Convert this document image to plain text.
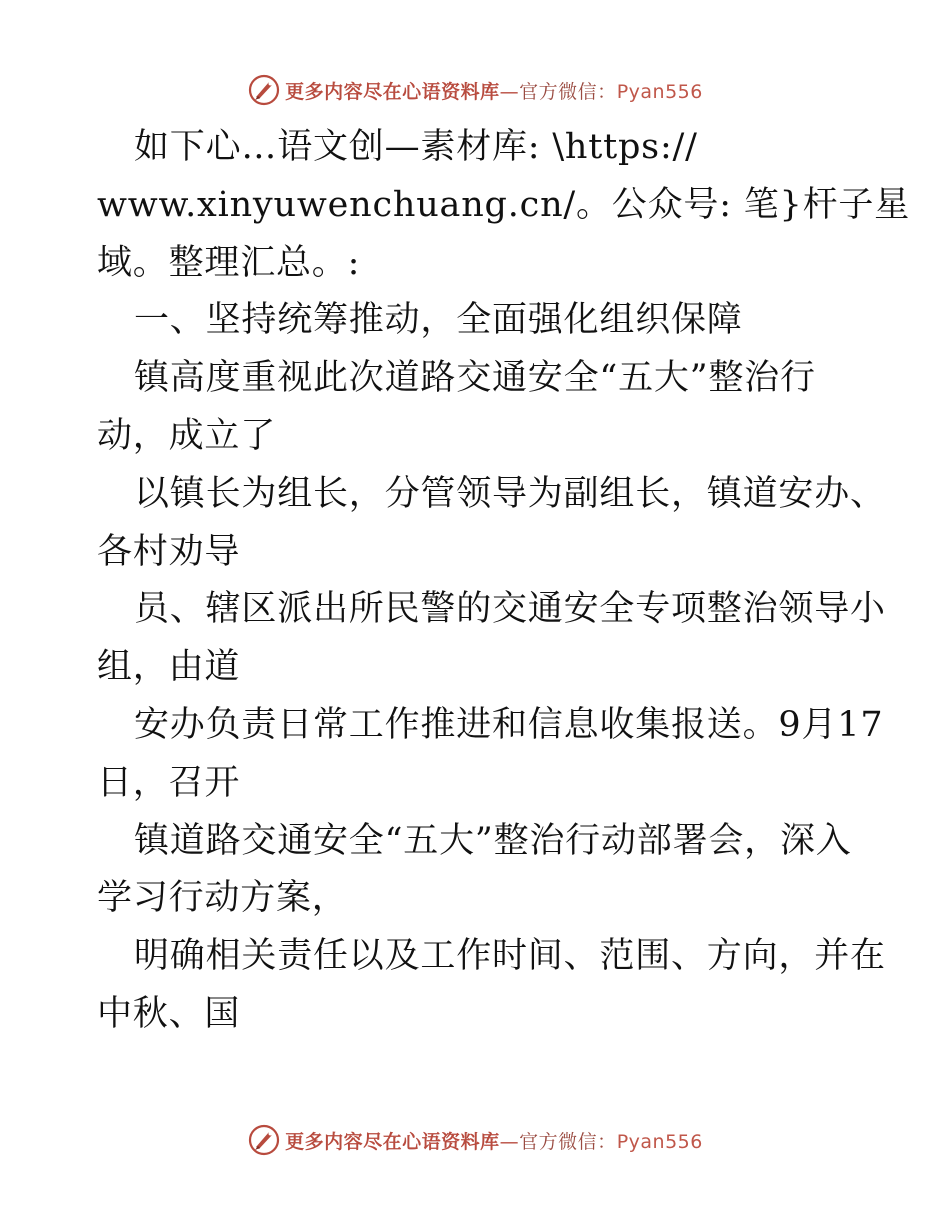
更多内容尽在心语资料库—官方微信：Pyan556
如下心…语文创—素材库: \https://
www.xinyuwenchuang.cn/。公众号: 笔}杆子星
域。整理汇总。:
一、坚持统筹推动，全面强化组织保障
镇高度重视此次道路交通安全“五大”整治行
动，成立了
以镇长为组长，分管领导为副组长，镇道安办、
各村劝导
员、辖区派出所民警的交通安全专项整治领导小
组，由道
安办负责日常工作推进和信息收集报送。9月17
日，召开
镇道路交通安全“五大”整治行动部署会，深入
学习行动方案，
明确相关责任以及工作时间、范围、方向，并在
中秋、国
更多内容尽在心语资料库—官方微信：Pyan556
